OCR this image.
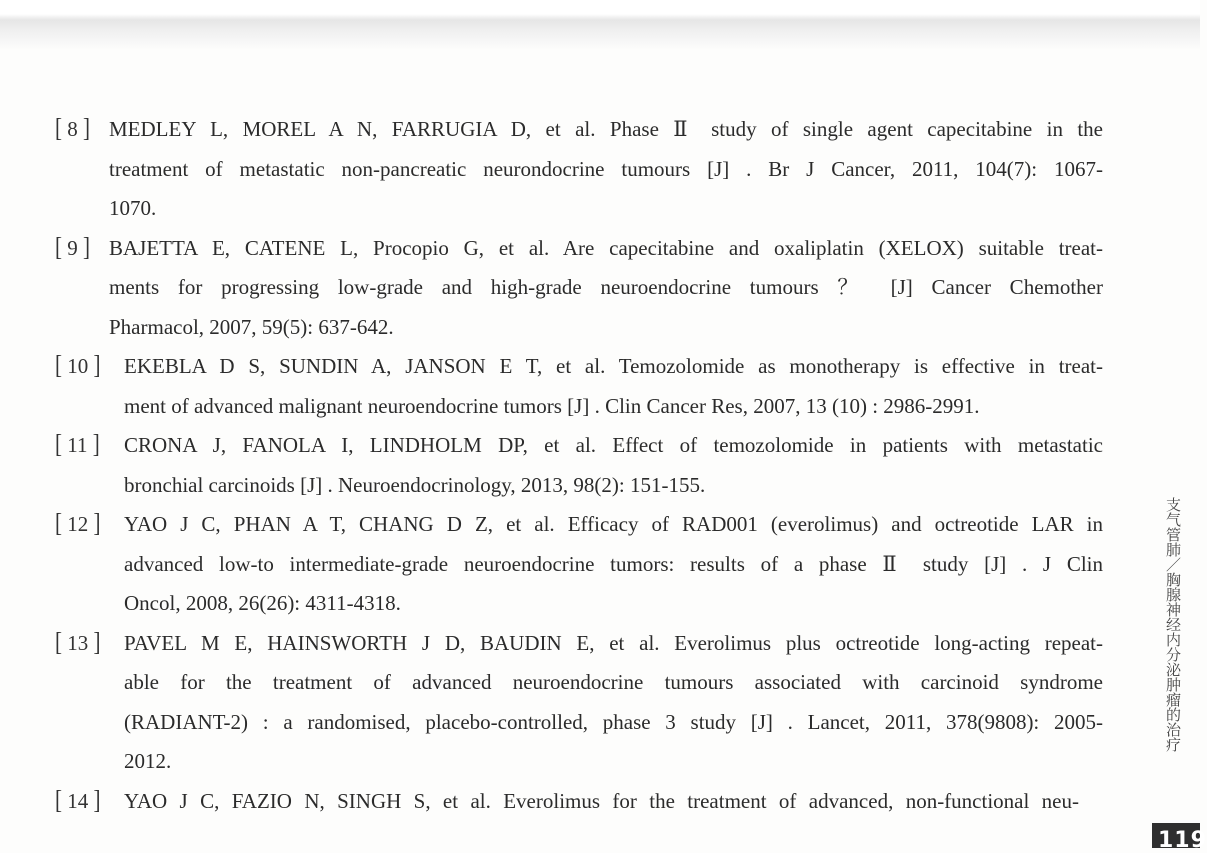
[ 8 ] MEDLEY L, MOREL A N, FARRUGIA D, et al. Phase Ⅱ study of single agent capecitabine in the
treatment of metastatic non-pancreatic neurondocrine tumours [J] . Br J Cancer, 2011, 104(7): 1067-
1070.
[ 9 ] BAJETTA E, CATENE L, Procopio G, et al. Are capecitabine and oxaliplatin (XELOX) suitable treat-
ments for progressing low-grade and high-grade neuroendocrine tumours ？ [J] Cancer Chemother
Pharmacol, 2007, 59(5): 637-642.
[ 10 ] EKEBLA D S, SUNDIN A, JANSON E T, et al. Temozolomide as monotherapy is effective in treat-
ment of advanced malignant neuroendocrine tumors [J] . Clin Cancer Res, 2007, 13 (10) : 2986-2991.
[ 11 ] CRONA J, FANOLA I, LINDHOLM DP, et al. Effect of temozolomide in patients with metastatic
bronchial carcinoids [J] . Neuroendocrinology, 2013, 98(2): 151-155.
[ 12 ] YAO J C, PHAN A T, CHANG D Z, et al. Efficacy of RAD001 (everolimus) and octreotide LAR in
advanced low-to intermediate-grade neuroendocrine tumors: results of a phase Ⅱ study [J] . J Clin
Oncol, 2008, 26(26): 4311-4318.
[ 13 ] PAVEL M E, HAINSWORTH J D, BAUDIN E, et al. Everolimus plus octreotide long-acting repeat-
able for the treatment of advanced neuroendocrine tumours associated with carcinoid syndrome
(RADIANT-2) : a randomised, placebo-controlled, phase 3 study [J] . Lancet, 2011, 378(9808): 2005-
2012.
[ 14 ] YAO J C, FAZIO N, SINGH S, et al. Everolimus for the treatment of advanced, non-functional neu-
支气管肺／胸腺神经内分泌肿瘤的治疗
119
